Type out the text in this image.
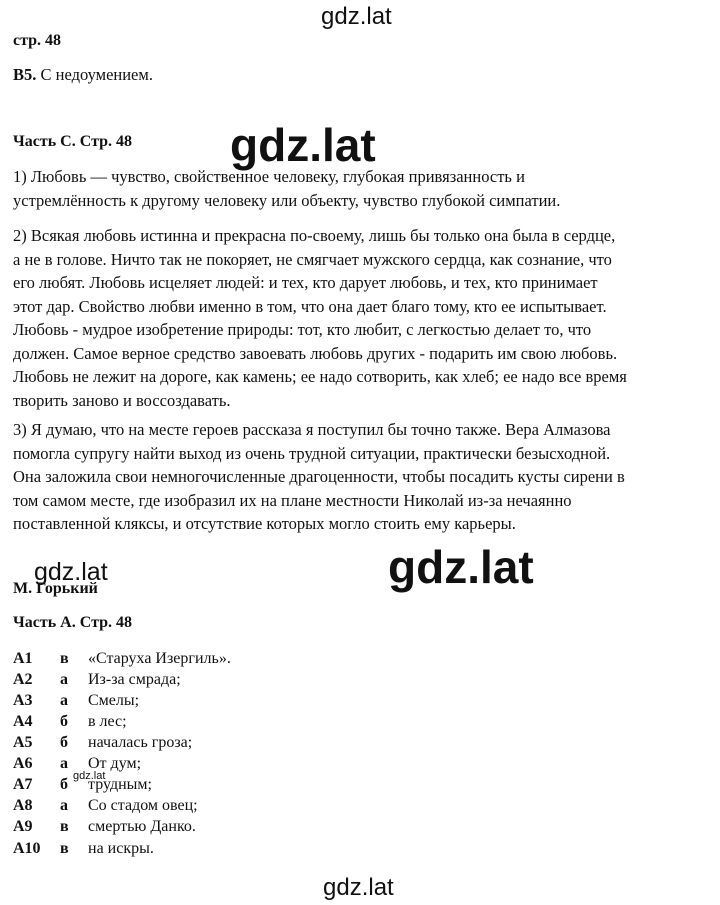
gdz.lat
gdz.lat
стр. 48
В5. С недоумением.
Часть С. Стр. 48
1) Любовь — чувство, свойственное человеку, глубокая привязанность и
устремлённость к другому человеку или объекту, чувство глубокой симпатии.
2) Всякая любовь истинна и прекрасна по-своему, лишь бы только она была в сердце,
а не в голове. Ничто так не покоряет, не смягчает мужского сердца, как сознание, что
его любят. Любовь исцеляет людей: и тех, кто дарует любовь, и тех, кто принимает
этот дар. Свойство любви именно в том, что она дает благо тому, кто ее испытывает.
Любовь - мудрое изобретение природы: тот, кто любит, с легкостью делает то, что
должен. Самое верное средство завоевать любовь других - подарить им свою любовь.
Любовь не лежит на дороге, как камень; ее надо сотворить, как хлеб; ее надо все время
творить заново и воссоздавать.
3) Я думаю, что на месте героев рассказа я поступил бы точно также. Вера Алмазова
помогла супругу найти выход из очень трудной ситуации, практически безысходной.
Она заложила свои немногочисленные драгоценности, чтобы посадить кусты сирени в
том самом месте, где изобразил их на плане местности Николай из-за нечаянно
поставленной кляксы, и отсутствие которых могло стоить ему карьеры.
М. Горький
gdz.lat	gdz.lat
Часть А. Стр. 48
А1 в «Старуха Изергиль».
А2 а Из-за смрада;
А3 а Смелы;
А4 б в лес;
А5 б началась гроза;
А6 а От дум;
А7 б трудным;
А8 а Со стадом овец;
А9 в смертью Данко.
А10 в на искры.
gdz.lat
gdz.lat
